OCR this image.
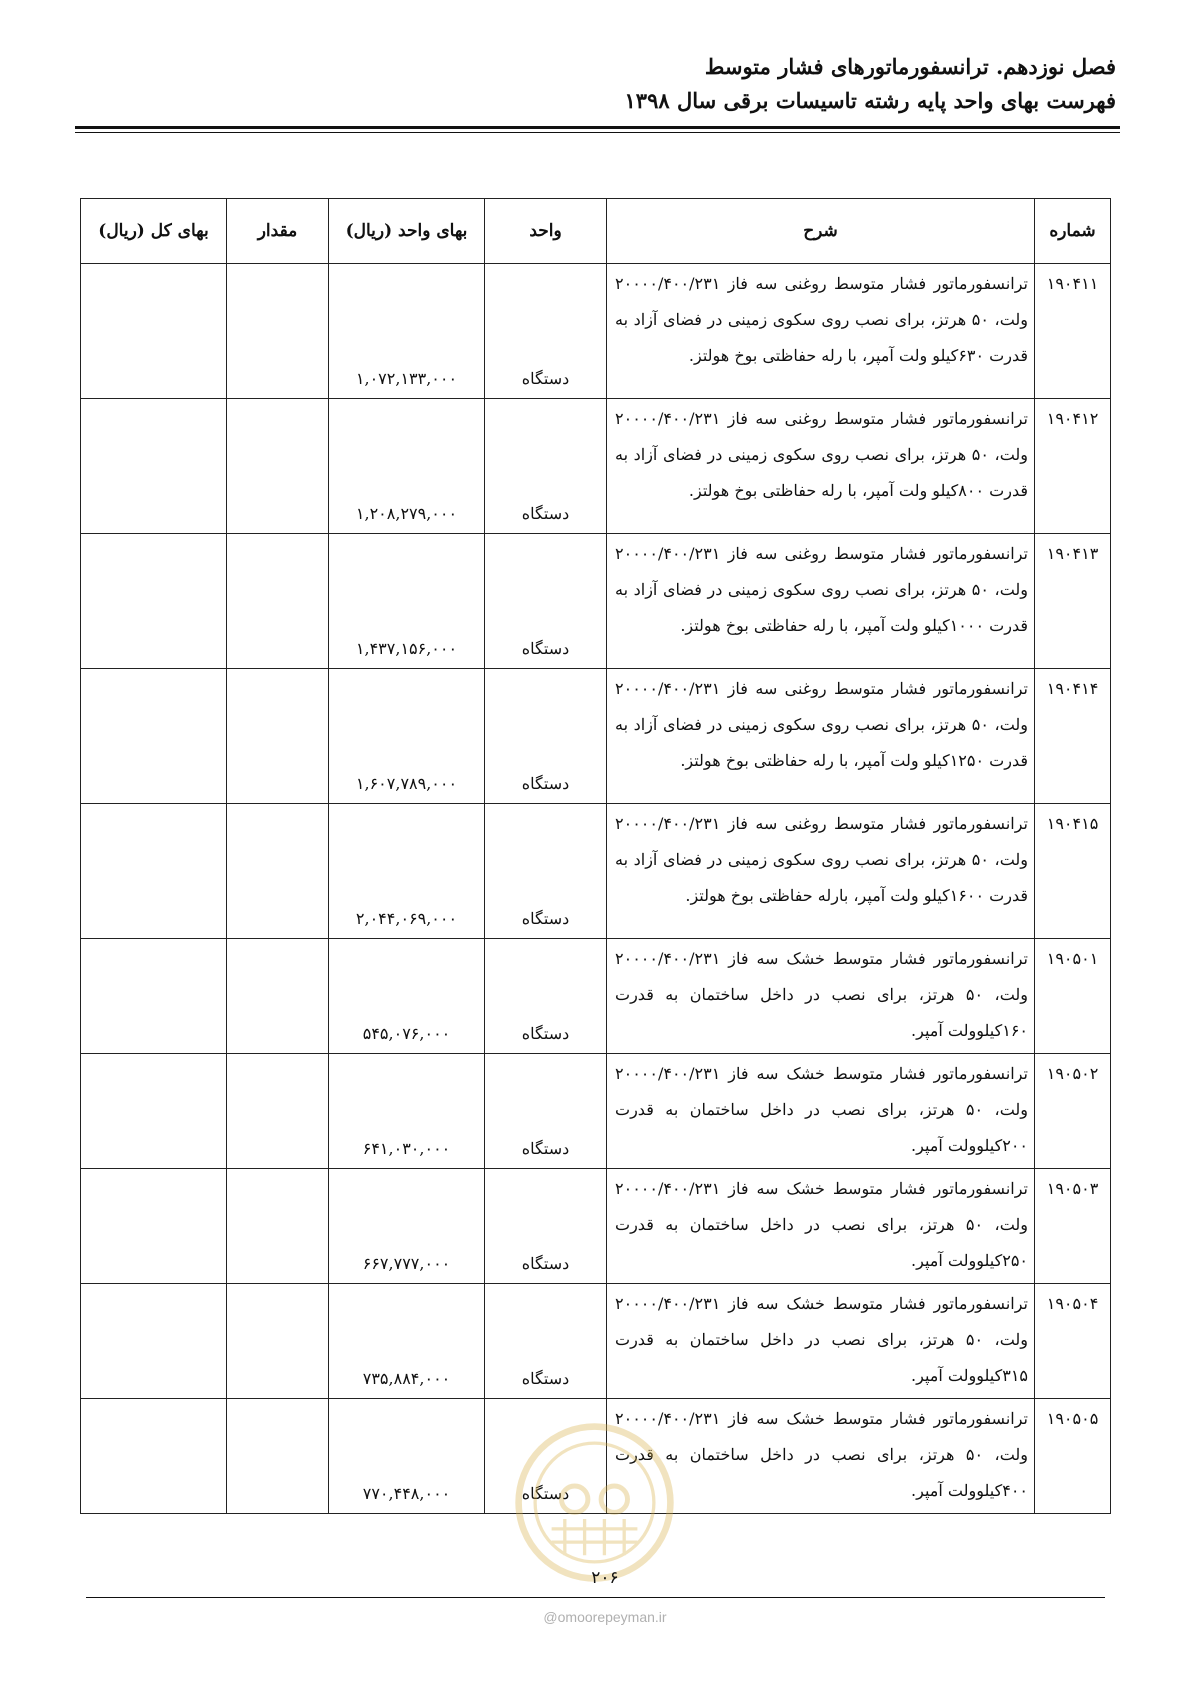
فصل نوزدهم. ترانسفورماتورهای فشار متوسط
فهرست بهای واحد پایه رشته تاسیسات برقی سال ۱۳۹۸
شماره	شرح	واحد	بهای واحد (ریال)	مقدار	بهای کل (ریال)
۱۹۰۴۱۱	ترانسفورماتور فشار متوسط روغنی سه فاز ۲۰۰۰۰/۴۰۰/۲۳۱ ولت، ۵۰ هرتز، برای نصب روی سکوی زمینی در فضای آزاد به قدرت ۶۳۰کیلو ولت آمپر، با رله حفاظتی بوخ هولتز.	دستگاه	۱,۰۷۲,۱۳۳,۰۰۰		
۱۹۰۴۱۲	ترانسفورماتور فشار متوسط روغنی سه فاز ۲۰۰۰۰/۴۰۰/۲۳۱ ولت، ۵۰ هرتز، برای نصب روی سکوی زمینی در فضای آزاد به قدرت ۸۰۰کیلو ولت آمپر، با رله حفاظتی بوخ هولتز.	دستگاه	۱,۲۰۸,۲۷۹,۰۰۰		
۱۹۰۴۱۳	ترانسفورماتور فشار متوسط روغنی سه فاز ۲۰۰۰۰/۴۰۰/۲۳۱ ولت، ۵۰ هرتز، برای نصب روی سکوی زمینی در فضای آزاد به قدرت ۱۰۰۰کیلو ولت آمپر، با رله حفاظتی بوخ هولتز.	دستگاه	۱,۴۳۷,۱۵۶,۰۰۰		
۱۹۰۴۱۴	ترانسفورماتور فشار متوسط روغنی سه فاز ۲۰۰۰۰/۴۰۰/۲۳۱ ولت، ۵۰ هرتز، برای نصب روی سکوی زمینی در فضای آزاد به قدرت ۱۲۵۰کیلو ولت آمپر، با رله حفاظتی بوخ هولتز.	دستگاه	۱,۶۰۷,۷۸۹,۰۰۰		
۱۹۰۴۱۵	ترانسفورماتور فشار متوسط روغنی سه فاز ۲۰۰۰۰/۴۰۰/۲۳۱ ولت، ۵۰ هرتز، برای نصب روی سکوی زمینی در فضای آزاد به قدرت ۱۶۰۰کیلو ولت آمپر، بارله حفاظتی بوخ هولتز.	دستگاه	۲,۰۴۴,۰۶۹,۰۰۰		
۱۹۰۵۰۱	ترانسفورماتور فشار متوسط خشک سه فاز ۲۰۰۰۰/۴۰۰/۲۳۱ ولت، ۵۰ هرتز، برای نصب در داخل ساختمان به قدرت ۱۶۰کیلوولت آمپر.	دستگاه	۵۴۵,۰۷۶,۰۰۰		
۱۹۰۵۰۲	ترانسفورماتور فشار متوسط خشک سه فاز ۲۰۰۰۰/۴۰۰/۲۳۱ ولت، ۵۰ هرتز، برای نصب در داخل ساختمان به قدرت ۲۰۰کیلوولت آمپر.	دستگاه	۶۴۱,۰۳۰,۰۰۰		
۱۹۰۵۰۳	ترانسفورماتور فشار متوسط خشک سه فاز ۲۰۰۰۰/۴۰۰/۲۳۱ ولت، ۵۰ هرتز، برای نصب در داخل ساختمان به قدرت ۲۵۰کیلوولت آمپر.	دستگاه	۶۶۷,۷۷۷,۰۰۰		
۱۹۰۵۰۴	ترانسفورماتور فشار متوسط خشک سه فاز ۲۰۰۰۰/۴۰۰/۲۳۱ ولت، ۵۰ هرتز، برای نصب در داخل ساختمان به قدرت ۳۱۵کیلوولت آمپر.	دستگاه	۷۳۵,۸۸۴,۰۰۰		
۱۹۰۵۰۵	ترانسفورماتور فشار متوسط خشک سه فاز ۲۰۰۰۰/۴۰۰/۲۳۱ ولت، ۵۰ هرتز، برای نصب در داخل ساختمان به قدرت ۴۰۰کیلوولت آمپر.	دستگاه	۷۷۰,۴۴۸,۰۰۰		
۲۰۶
@omoorepeyman.ir
